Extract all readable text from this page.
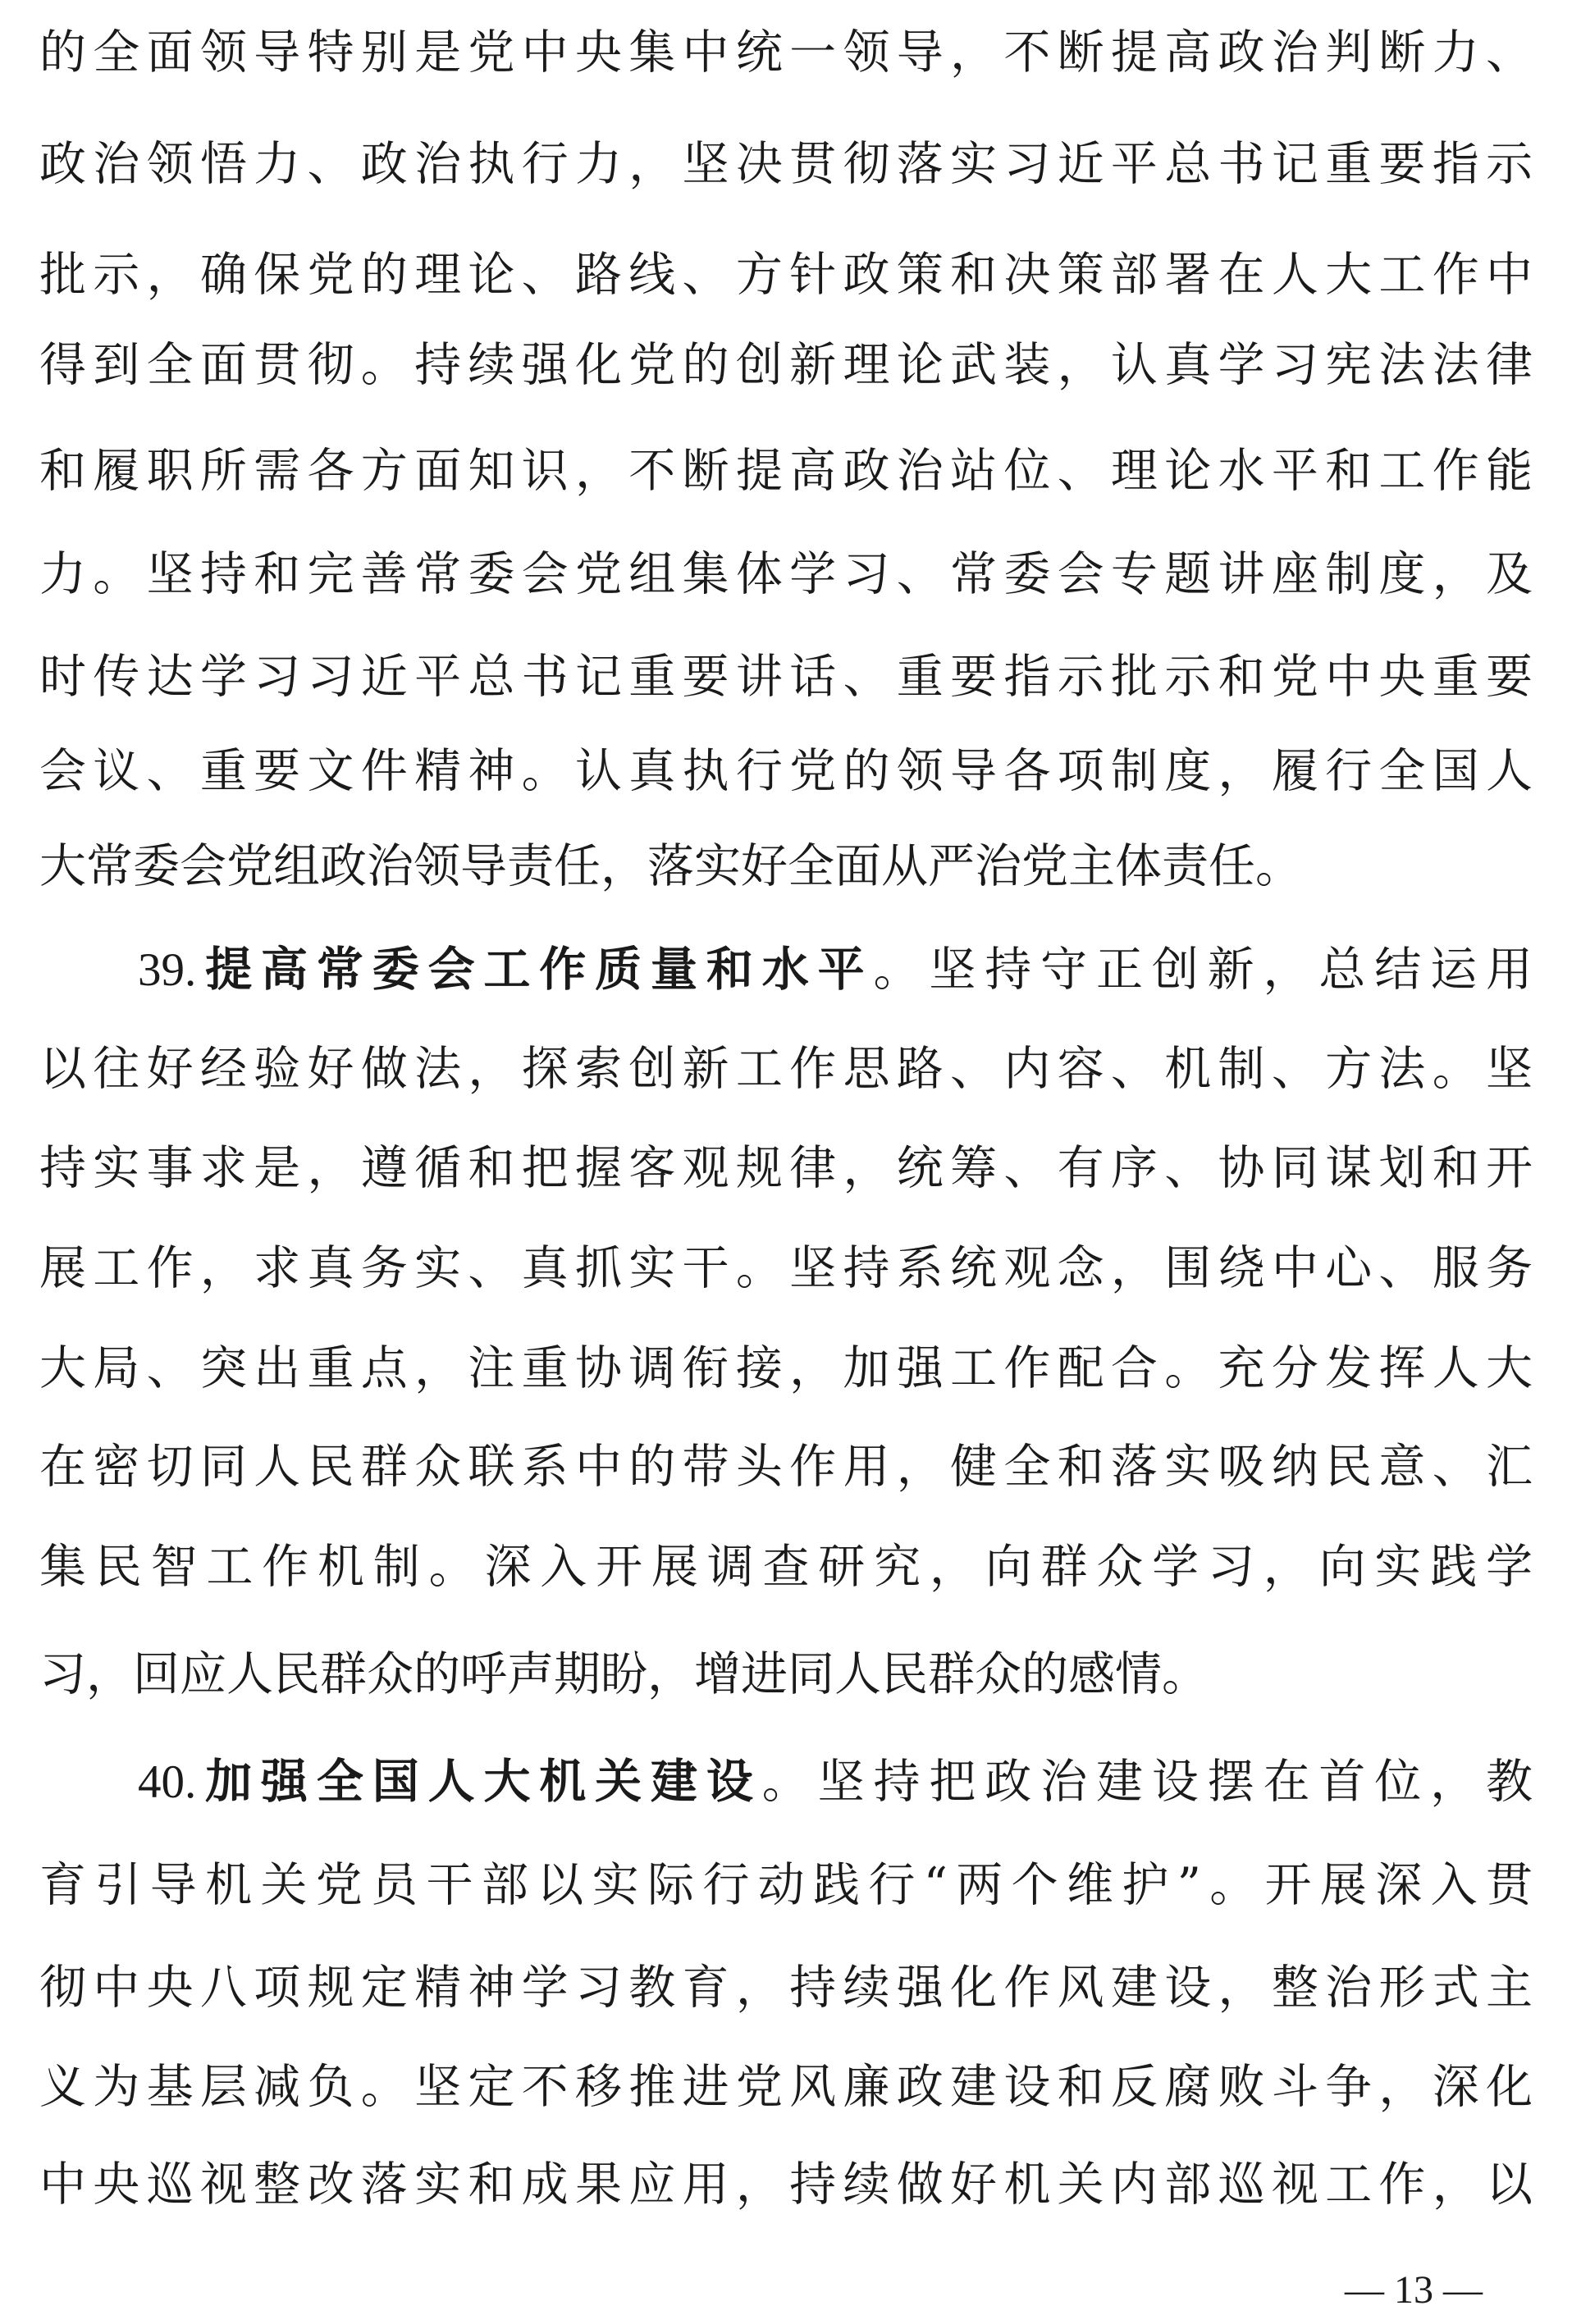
的全面领导特别是党中央集中统一领导，不断提高政治判断力、

政治领悟力、政治执行力，坚决贯彻落实习近平总书记重要指示

批示，确保党的理论、路线、方针政策和决策部署在人大工作中

得到全面贯彻。持续强化党的创新理论武装，认真学习宪法法律

和履职所需各方面知识，不断提高政治站位、理论水平和工作能

力。坚持和完善常委会党组集体学习、常委会专题讲座制度，及

时传达学习习近平总书记重要讲话、重要指示批示和党中央重要

会议、重要文件精神。认真执行党的领导各项制度，履行全国人

大常委会党组政治领导责任，落实好全面从严治党主体责任。

39.提高常委会工作质量和水平。坚持守正创新，总结运用

以往好经验好做法，探索创新工作思路、内容、机制、方法。坚

持实事求是，遵循和把握客观规律，统筹、有序、协同谋划和开

展工作，求真务实、真抓实干。坚持系统观念，围绕中心、服务

大局、突出重点，注重协调衔接，加强工作配合。充分发挥人大

在密切同人民群众联系中的带头作用，健全和落实吸纳民意、汇

集民智工作机制。深入开展调查研究，向群众学习，向实践学

习，回应人民群众的呼声期盼，增进同人民群众的感情。

40.加强全国人大机关建设。坚持把政治建设摆在首位，教

育引导机关党员干部以实际行动践行“两个维护”。开展深入贯

彻中央八项规定精神学习教育，持续强化作风建设，整治形式主

义为基层减负。坚定不移推进党风廉政建设和反腐败斗争，深化

中央巡视整改落实和成果应用，持续做好机关内部巡视工作，以

— 13 —
